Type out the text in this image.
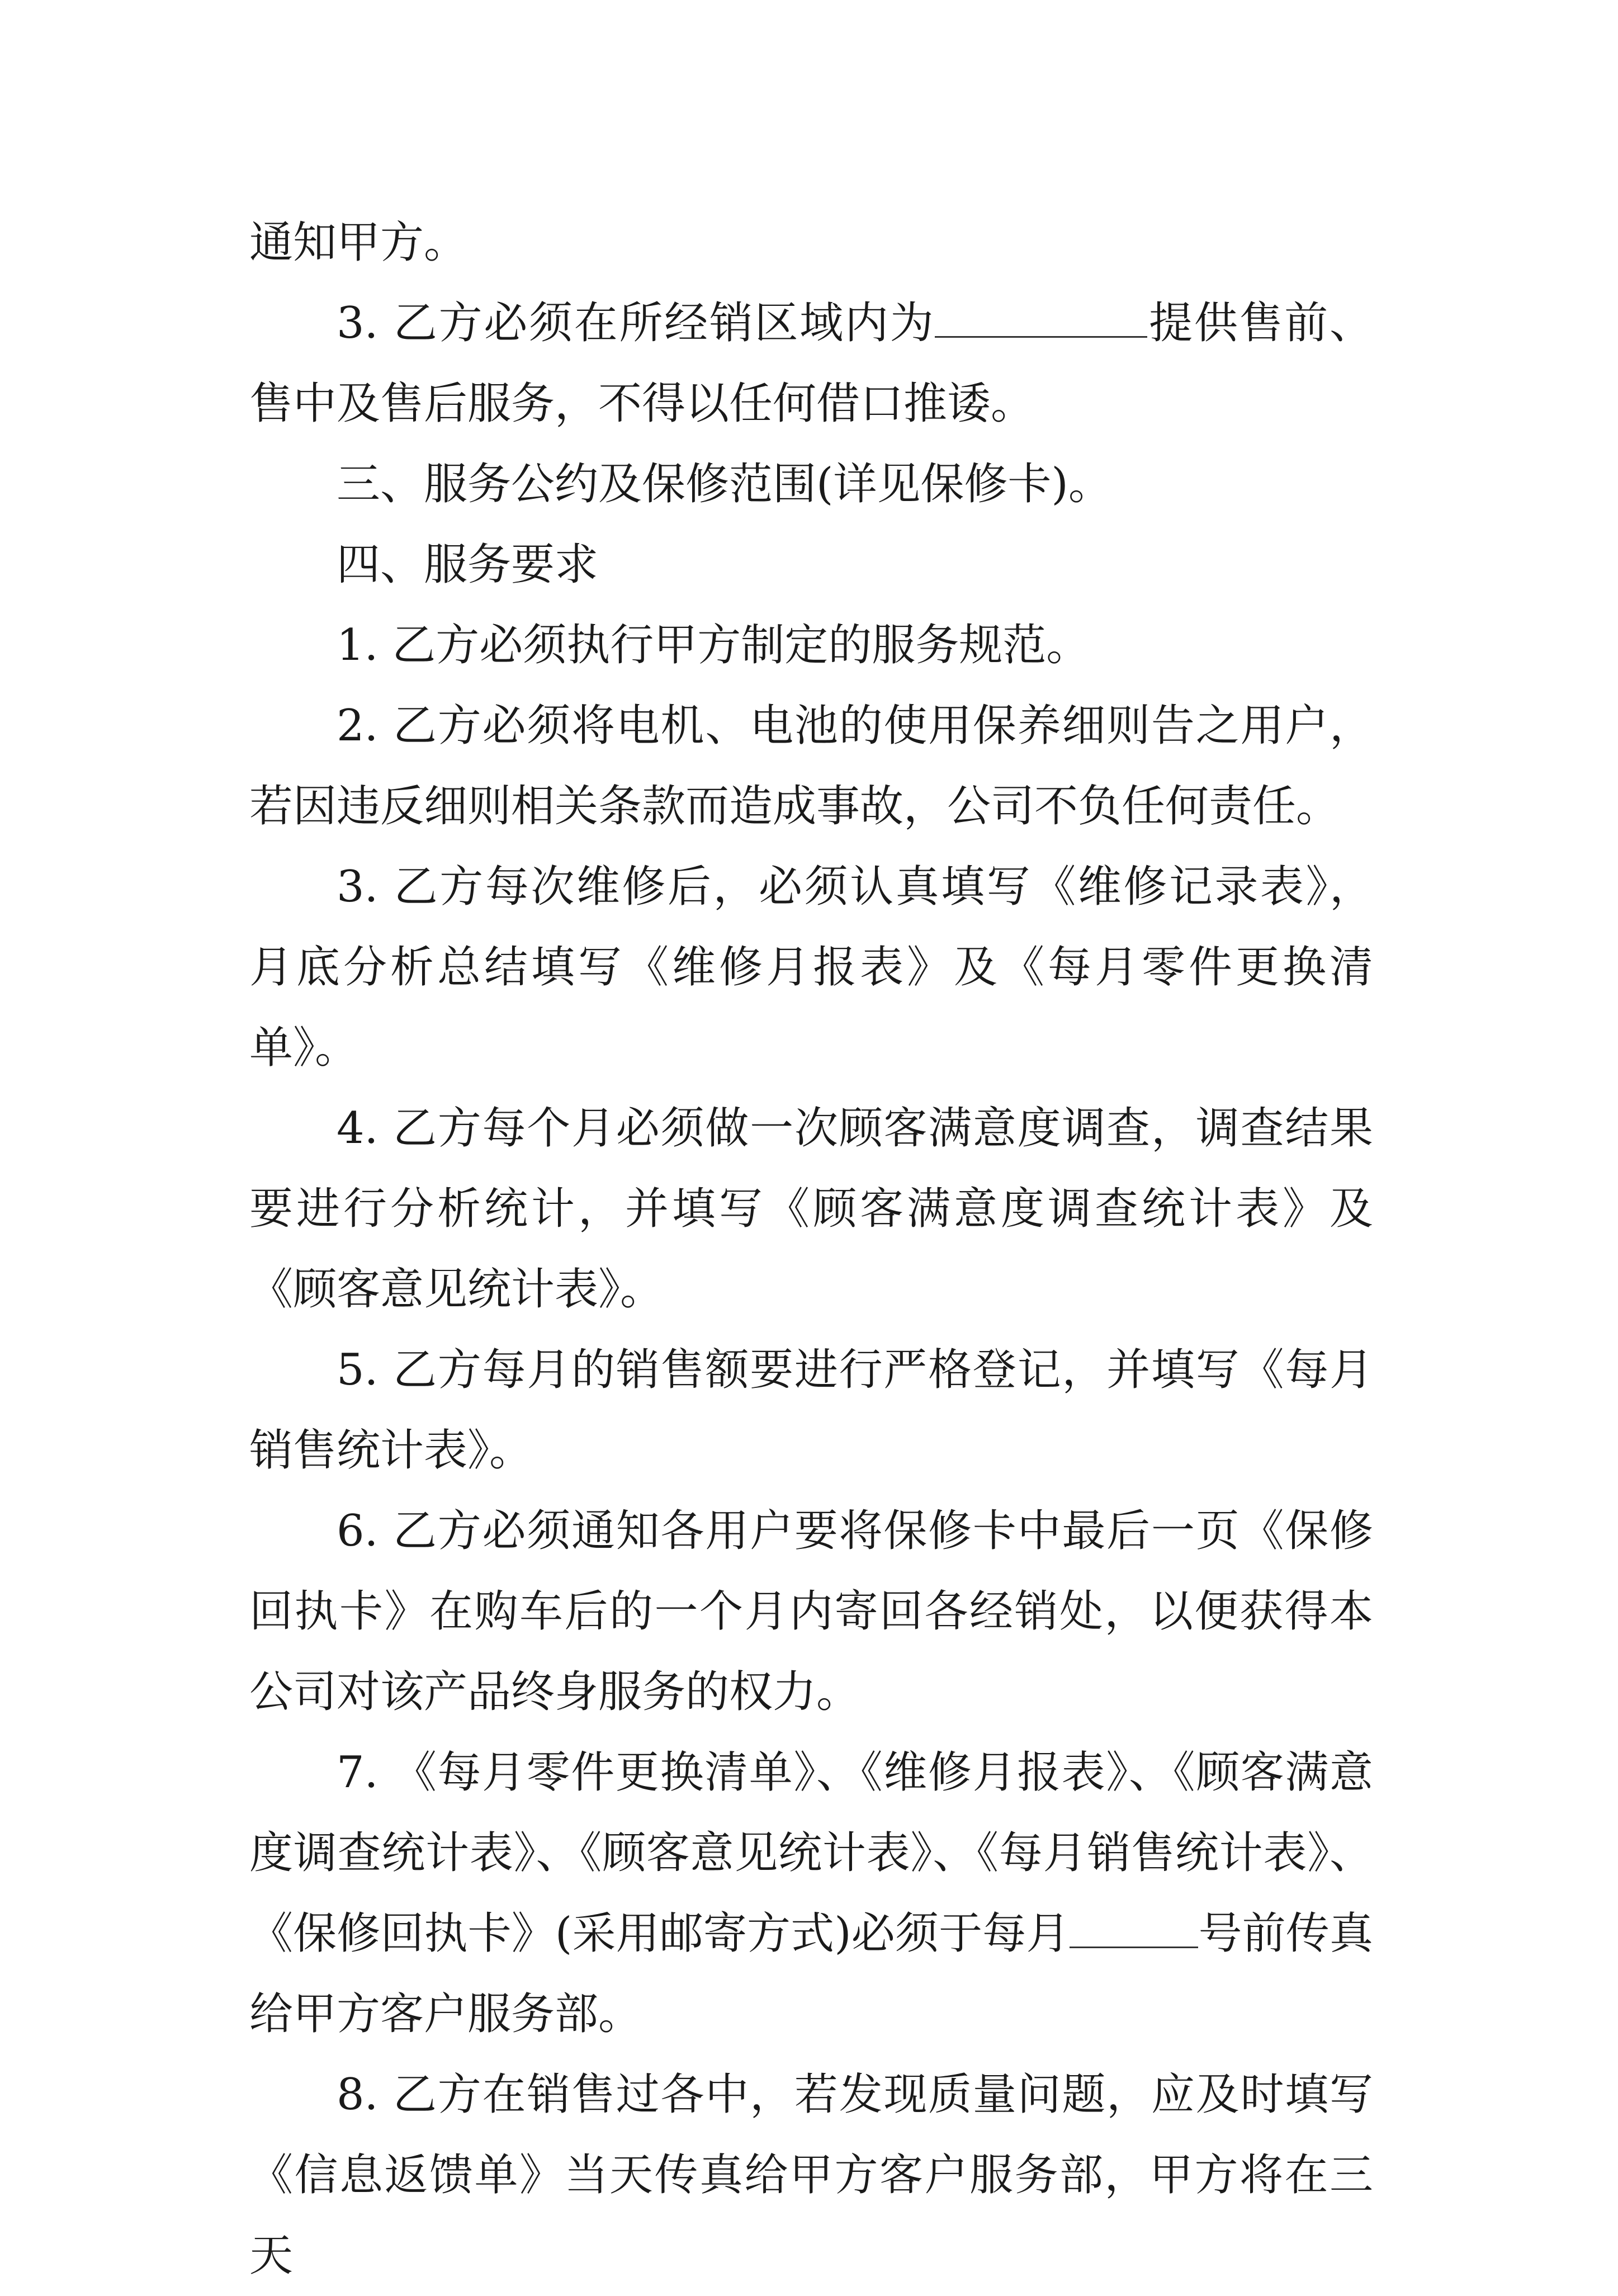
通知甲方。

3. 乙方必须在所经销区域内为	提供售前、售中及售后服务，不得以任何借口推诿。

三、服务公约及保修范围(详见保修卡)。

四、服务要求

1. 乙方必须执行甲方制定的服务规范。

2. 乙方必须将电机、电池的使用保养细则告之用户，若因违反细则相关条款而造成事故，公司不负任何责任。

3. 乙方每次维修后，必须认真填写《维修记录表》，月底分析总结填写《维修月报表》及《每月零件更换清单》。

4. 乙方每个月必须做一次顾客满意度调查，调查结果要进行分析统计，并填写《顾客满意度调查统计表》及《顾客意见统计表》。

5. 乙方每月的销售额要进行严格登记，并填写《每月销售统计表》。

6. 乙方必须通知各用户要将保修卡中最后一页《保修回执卡》在购车后的一个月内寄回各经销处，以便获得本公司对该产品终身服务的权力。

7. 《每月零件更换清单》、《维修月报表》、《顾客满意度调查统计表》、《顾客意见统计表》、《每月销售统计表》、《保修回执卡》(采用邮寄方式)必须于每月	号前传真给甲方客户服务部。

8. 乙方在销售过各中，若发现质量问题，应及时填写《信息返馈单》当天传真给甲方客户服务部，甲方将在三天
